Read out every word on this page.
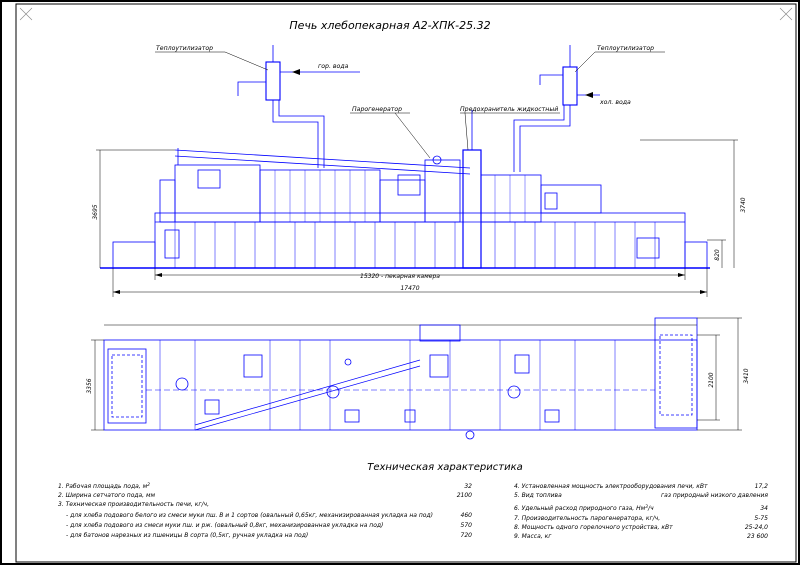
Печь хлебопекарная А2-ХПК-25.32
Теплоутилизатор	Теплоутилизатор
Парогенератор	Предохранитель жидкостный
гор. вода
хол. вода
3695	3740
820
15320 - пекарная камера
17470
3356	2100	3410
Техническая характеристика
1. Рабочая площадь пода, $м^2$	32
2. Ширина сетчатого пода, мм	2100
3. Техническая производительность печи, кг/ч,
- для хлеба подового белого из смеси муки пш. В и 1 сортов (овальный 0,65кг, механизированная укладка на под)	460
- для хлеба подового из смеси муки пш. и рж. (овальный 0,8кг, механизированная укладка на под)	570
- для батонов нарезных из пшеницы В сорта (0,5кг, ручная укладка на под)	720
4. Установленная мощность электрооборудования печи, кВт	17,2
5. Вид топлива	газ природный низкого давления
6. Удельный расход природного газа, $Нм^3/ч$	34
7. Производительность парогенератора, кг/ч,	5-75
8. Мощность одного горелочного устройства, кВт	25-24,0
9. Масса, кг	23 600
